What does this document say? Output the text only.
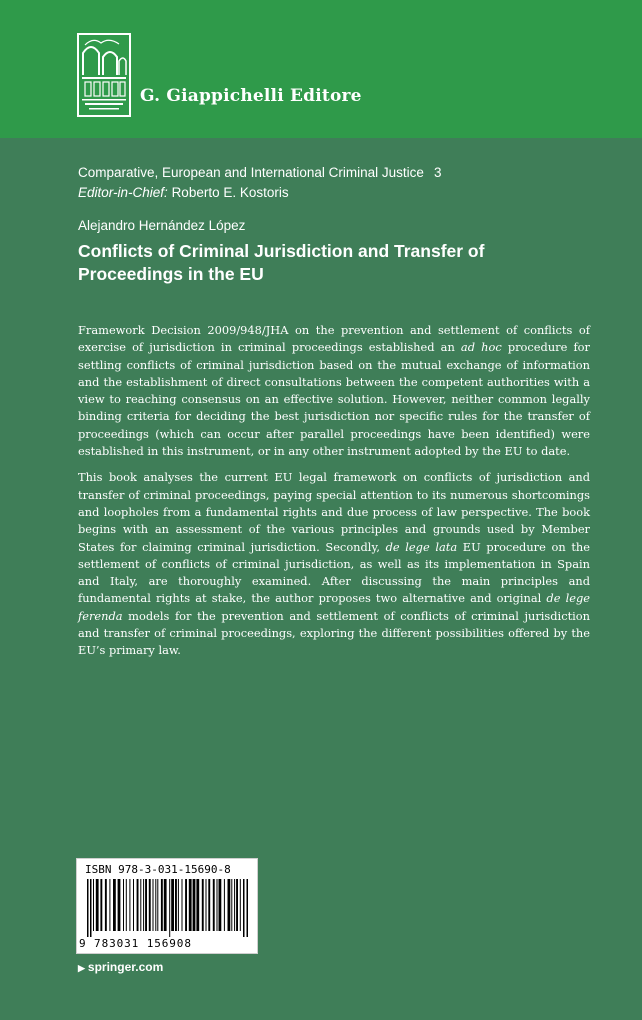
G. Giappichelli Editore
Comparative, European and International Criminal Justice 3
Editor-in-Chief: Roberto E. Kostoris
Alejandro Hernández López
Conflicts of Criminal Jurisdiction and Transfer of Proceedings in the EU

Framework Decision 2009/948/JHA on the prevention and settlement of conflicts of exercise of jurisdiction in criminal proceedings established an ad hoc procedure for settling conflicts of criminal jurisdiction based on the mutual exchange of information and the establishment of direct consultations between the competent authorities with a view to reaching consensus on an effective solution. However, neither common legally binding criteria for deciding the best jurisdiction nor specific rules for the transfer of proceedings (which can occur after parallel proceedings have been identified) were established in this instrument, or in any other instrument adopted by the EU to date.

This book analyses the current EU legal framework on conflicts of jurisdiction and transfer of criminal proceedings, paying special attention to its numerous shortcomings and loopholes from a fundamental rights and due process of law perspective. The book begins with an assessment of the various principles and grounds used by Member States for claiming criminal jurisdiction. Secondly, de lege lata EU procedure on the settlement of conflicts of criminal jurisdiction, as well as its implementation in Spain and Italy, are thoroughly examined. After discussing the main principles and fundamental rights at stake, the author proposes two alternative and original de lege ferenda models for the prevention and settlement of conflicts of criminal jurisdiction and transfer of criminal proceedings, exploring the different possibilities offered by the EU’s primary law.

ISBN 978-3-031-15690-8
9 783031 156908
▶ springer.com
